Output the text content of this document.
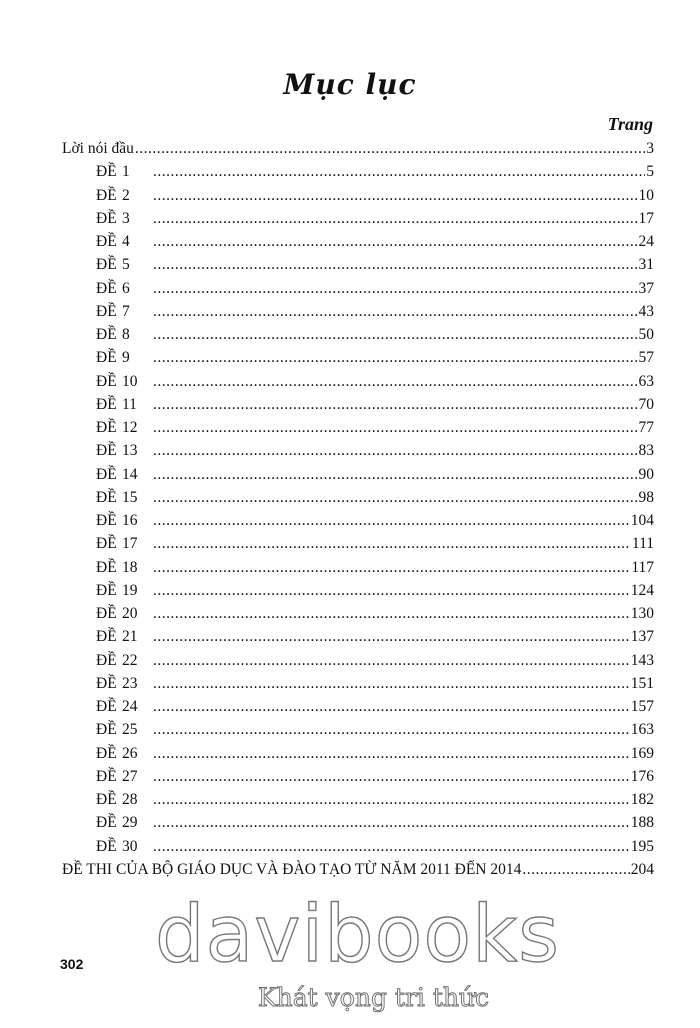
Mục lục
Trang
Lời nói đầu .....	3
ĐỀ 1 .....	5
ĐỀ 2 .....	10
ĐỀ 3 .....	17
ĐỀ 4 .....	24
ĐỀ 5 .....	31
ĐỀ 6 .....	37
ĐỀ 7 .....	43
ĐỀ 8 .....	50
ĐỀ 9 .....	57
ĐỀ 10 .....	63
ĐỀ 11 .....	70
ĐỀ 12 .....	77
ĐỀ 13 .....	83
ĐỀ 14 .....	90
ĐỀ 15 .....	98
ĐỀ 16 .....	104
ĐỀ 17 .....	111
ĐỀ 18 .....	117
ĐỀ 19 .....	124
ĐỀ 20 .....	130
ĐỀ 21 .....	137
ĐỀ 22 .....	143
ĐỀ 23 .....	151
ĐỀ 24 .....	157
ĐỀ 25 .....	163
ĐỀ 26 .....	169
ĐỀ 27 .....	176
ĐỀ 28 .....	182
ĐỀ 29 .....	188
ĐỀ 30 .....	195
ĐỀ THI CỦA BỘ GIÁO DỤC VÀ ĐÀO TẠO TỪ NĂM 2011 ĐẾN 2014 .....	204
302 davibooks
Khát vọng tri thức
